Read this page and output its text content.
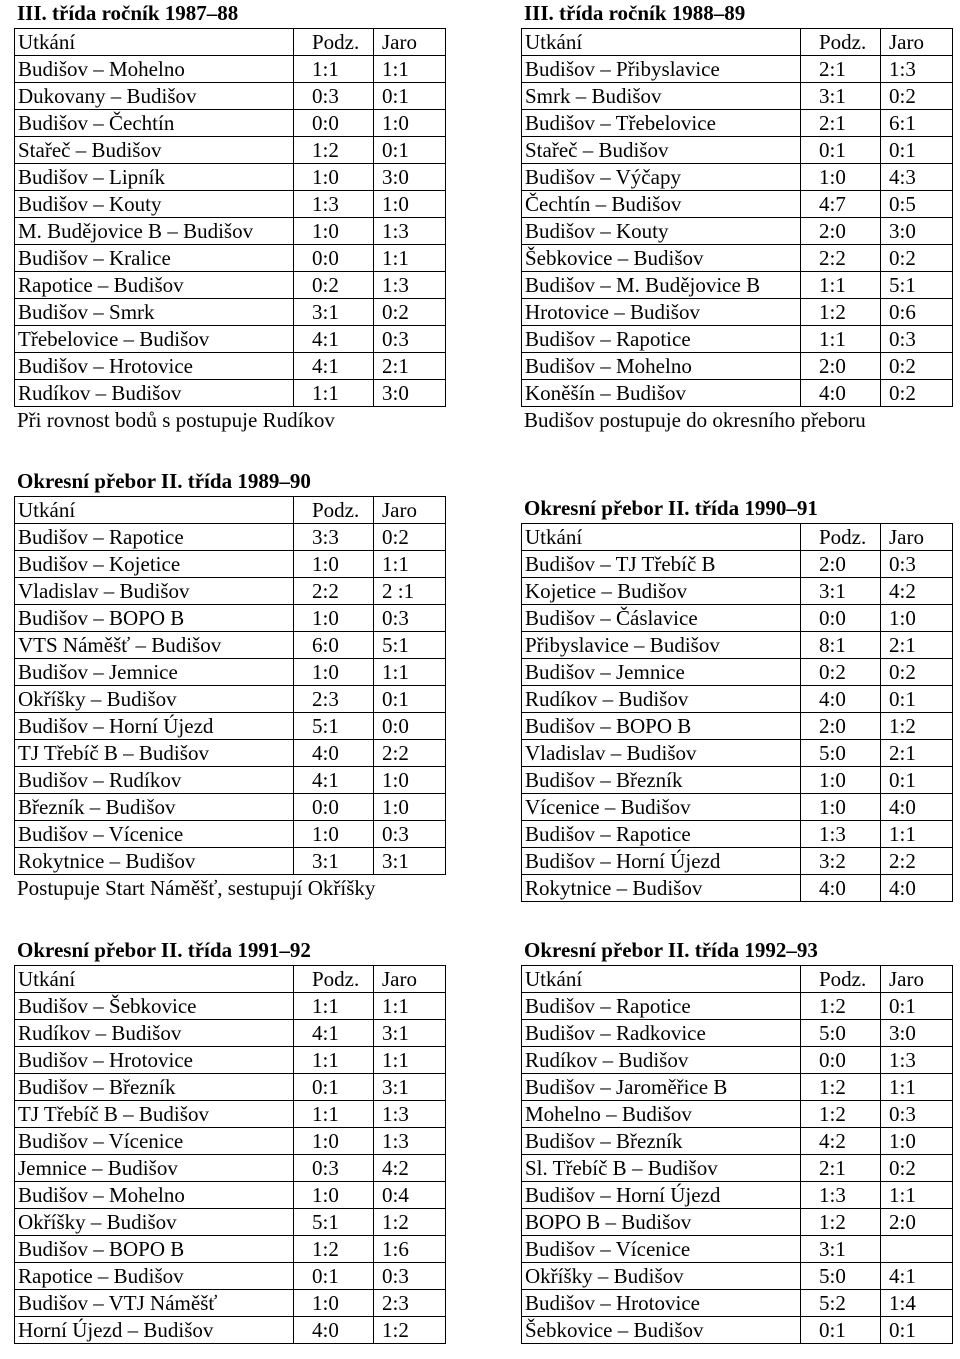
III. třída ročník 1987–88
Utkání	Podz.	Jaro
Budišov – Mohelno	1:1	1:1
Dukovany – Budišov	0:3	0:1
Budišov – Čechtín	0:0	1:0
Stařeč – Budišov	1:2	0:1
Budišov – Lipník	1:0	3:0
Budišov – Kouty	1:3	1:0
M. Budějovice B – Budišov	1:0	1:3
Budišov – Kralice	0:0	1:1
Rapotice – Budišov	0:2	1:3
Budišov – Smrk	3:1	0:2
Třebelovice – Budišov	4:1	0:3
Budišov – Hrotovice	4:1	2:1
Rudíkov – Budišov	1:1	3:0
Při rovnost bodů s postupuje Rudíkov
III. třída ročník 1988–89
Utkání	Podz.	Jaro
Budišov – Přibyslavice	2:1	1:3
Smrk – Budišov	3:1	0:2
Budišov – Třebelovice	2:1	6:1
Stařeč – Budišov	0:1	0:1
Budišov – Výčapy	1:0	4:3
Čechtín – Budišov	4:7	0:5
Budišov – Kouty	2:0	3:0
Šebkovice – Budišov	2:2	0:2
Budišov – M. Budějovice B	1:1	5:1
Hrotovice – Budišov	1:2	0:6
Budišov – Rapotice	1:1	0:3
Budišov – Mohelno	2:0	0:2
Koněšín – Budišov	4:0	0:2
Budišov postupuje do okresního přeboru
Okresní přebor II. třída 1989–90
Utkání	Podz.	Jaro
Budišov – Rapotice	3:3	0:2
Budišov – Kojetice	1:0	1:1
Vladislav – Budišov	2:2	2 :1
Budišov – BOPO B	1:0	0:3
VTS Náměšť – Budišov	6:0	5:1
Budišov – Jemnice	1:0	1:1
Okříšky – Budišov	2:3	0:1
Budišov – Horní Újezd	5:1	0:0
TJ Třebíč B – Budišov	4:0	2:2
Budišov – Rudíkov	4:1	1:0
Březník – Budišov	0:0	1:0
Budišov – Vícenice	1:0	0:3
Rokytnice – Budišov	3:1	3:1
Postupuje Start Náměšť, sestupují Okříšky
Okresní přebor II. třída 1990–91
Utkání	Podz.	Jaro
Budišov – TJ Třebíč B	2:0	0:3
Kojetice – Budišov	3:1	4:2
Budišov – Čáslavice	0:0	1:0
Přibyslavice – Budišov	8:1	2:1
Budišov – Jemnice	0:2	0:2
Rudíkov – Budišov	4:0	0:1
Budišov – BOPO B	2:0	1:2
Vladislav – Budišov	5:0	2:1
Budišov – Březník	1:0	0:1
Vícenice – Budišov	1:0	4:0
Budišov – Rapotice	1:3	1:1
Budišov – Horní Újezd	3:2	2:2
Rokytnice – Budišov	4:0	4:0
Okresní přebor II. třída 1991–92
Utkání	Podz.	Jaro
Budišov – Šebkovice	1:1	1:1
Rudíkov – Budišov	4:1	3:1
Budišov – Hrotovice	1:1	1:1
Budišov – Březník	0:1	3:1
TJ Třebíč B – Budišov	1:1	1:3
Budišov – Vícenice	1:0	1:3
Jemnice – Budišov	0:3	4:2
Budišov – Mohelno	1:0	0:4
Okříšky – Budišov	5:1	1:2
Budišov – BOPO B	1:2	1:6
Rapotice – Budišov	0:1	0:3
Budišov – VTJ Náměšť	1:0	2:3
Horní Újezd – Budišov	4:0	1:2
Okresní přebor II. třída 1992–93
Utkání	Podz.	Jaro
Budišov – Rapotice	1:2	0:1
Budišov – Radkovice	5:0	3:0
Rudíkov – Budišov	0:0	1:3
Budišov – Jaroměřice B	1:2	1:1
Mohelno – Budišov	1:2	0:3
Budišov – Březník	4:2	1:0
Sl. Třebíč B – Budišov	2:1	0:2
Budišov – Horní Újezd	1:3	1:1
BOPO B – Budišov	1:2	2:0
Budišov – Vícenice	3:1	
Okříšky – Budišov	5:0	4:1
Budišov – Hrotovice	5:2	1:4
Šebkovice – Budišov	0:1	0:1
